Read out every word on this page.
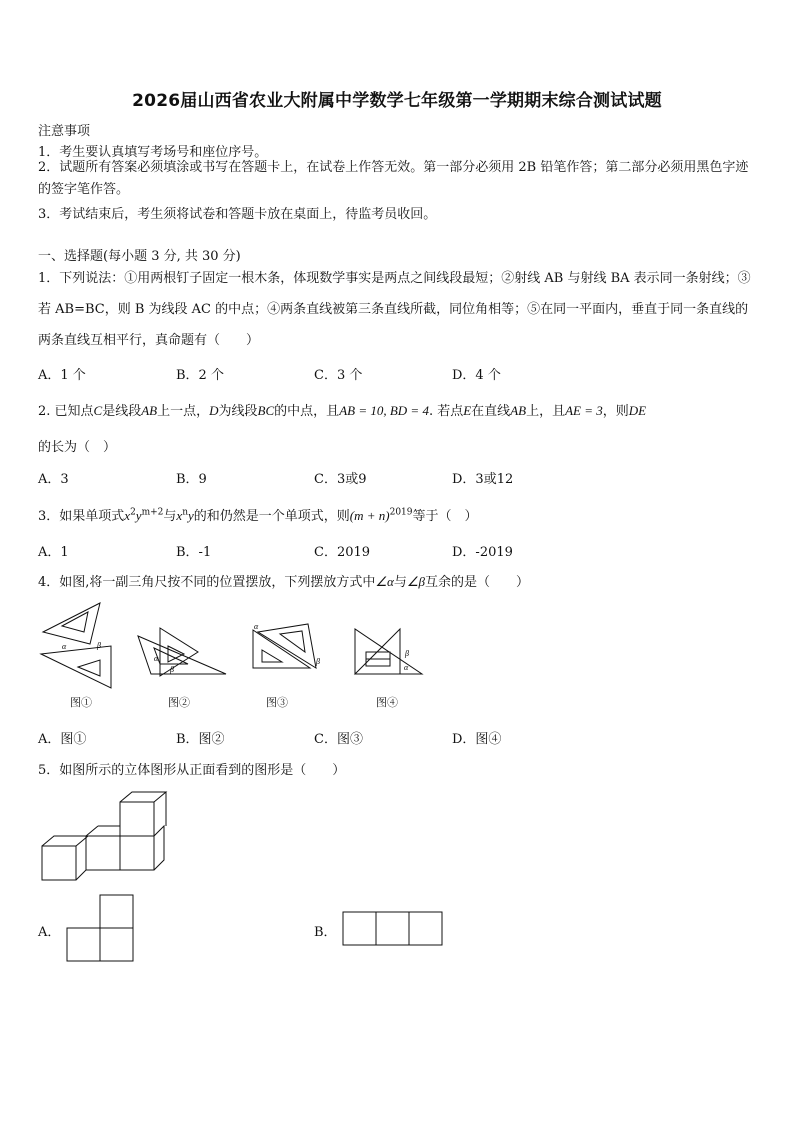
2026届山西省农业大附属中学数学七年级第一学期期末综合测试试题
注意事项
1．考生要认真填写考场号和座位序号。
2．试题所有答案必须填涂或书写在答题卡上，在试卷上作答无效。第一部分必须用 2B 铅笔作答；第二部分必须用黑色字迹的签字笔作答。
3．考试结束后，考生须将试卷和答题卡放在桌面上，待监考员收回。
一、选择题(每小题 3 分, 共 30 分)
1．下列说法：①用两根钉子固定一根木条，体现数学事实是两点之间线段最短；②射线 AB 与射线 BA 表示同一条射线；③若 AB=BC，则 B 为线段 AC 的中点；④两条直线被第三条直线所截，同位角相等；⑤在同一平面内，垂直于同一条直线的两条直线互相平行，真命题有（　　）
A．1 个	B．2 个	C．3 个	D．4 个
2. 已知点C是线段AB上一点，D为线段BC的中点，且AB = 10, BD = 4. 若点E在直线AB上，且AE = 3，则DE
的长为（　）
A．3	B．9	C．3或9	D．3或12
3．如果单项式$x^2y^{m+2}$与$x^ny$的和仍然是一个单项式，则$(m + n)^{2019}$等于（　）
A．1	B．-1	C．2019	D．-2019
4．如图,将一副三角尺按不同的位置摆放，下列摆放方式中∠α与∠β互余的是（　　）
α	β
图①
α
β
图②
α
β
图③
β
α
图④
A．图①	B．图②	C．图③	D．图④
5．如图所示的立体图形从正面看到的图形是（　　）
A．	B．
